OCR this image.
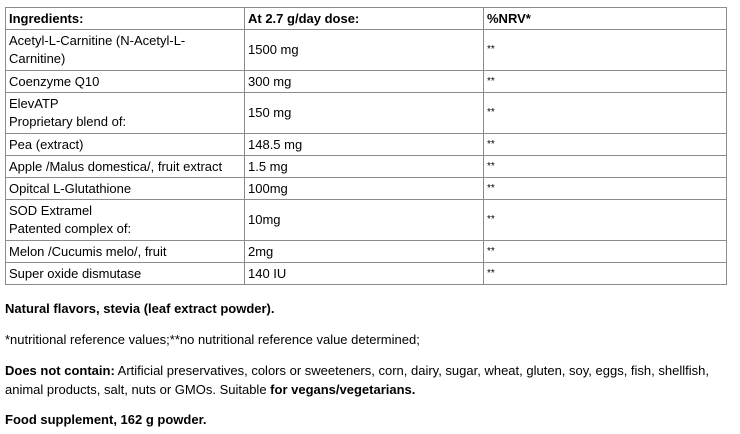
Ingredients:	At 2.7 g/day dose:	%NRV*

Acetyl-L-Carnitine (N-Acetyl-L-
Carnitine)	1500 mg	**
Coenzyme Q10	300 mg	**

ElevATP
Proprietary blend of:	150 mg	**
Pea (extract)	148.5 mg	**
Apple /Malus domestica/, fruit extract	1.5 mg	**
Opitcal L-Glutathione	100mg	**

SOD Extramel
Patented complex of:	10mg	**
Melon /Cucumis melo/, fruit	2mg	**
Super oxide dismutase	140 IU	**

Natural flavors, stevia (leaf extract powder).

*nutritional reference values;**no nutritional reference value determined;

Does not contain: Artificial preservatives, colors or sweeteners, corn, dairy, sugar, wheat, gluten, soy, eggs, fish, shellfish, animal products, salt, nuts or GMOs. Suitable for vegans/vegetarians.

Food supplement, 162 g powder.
